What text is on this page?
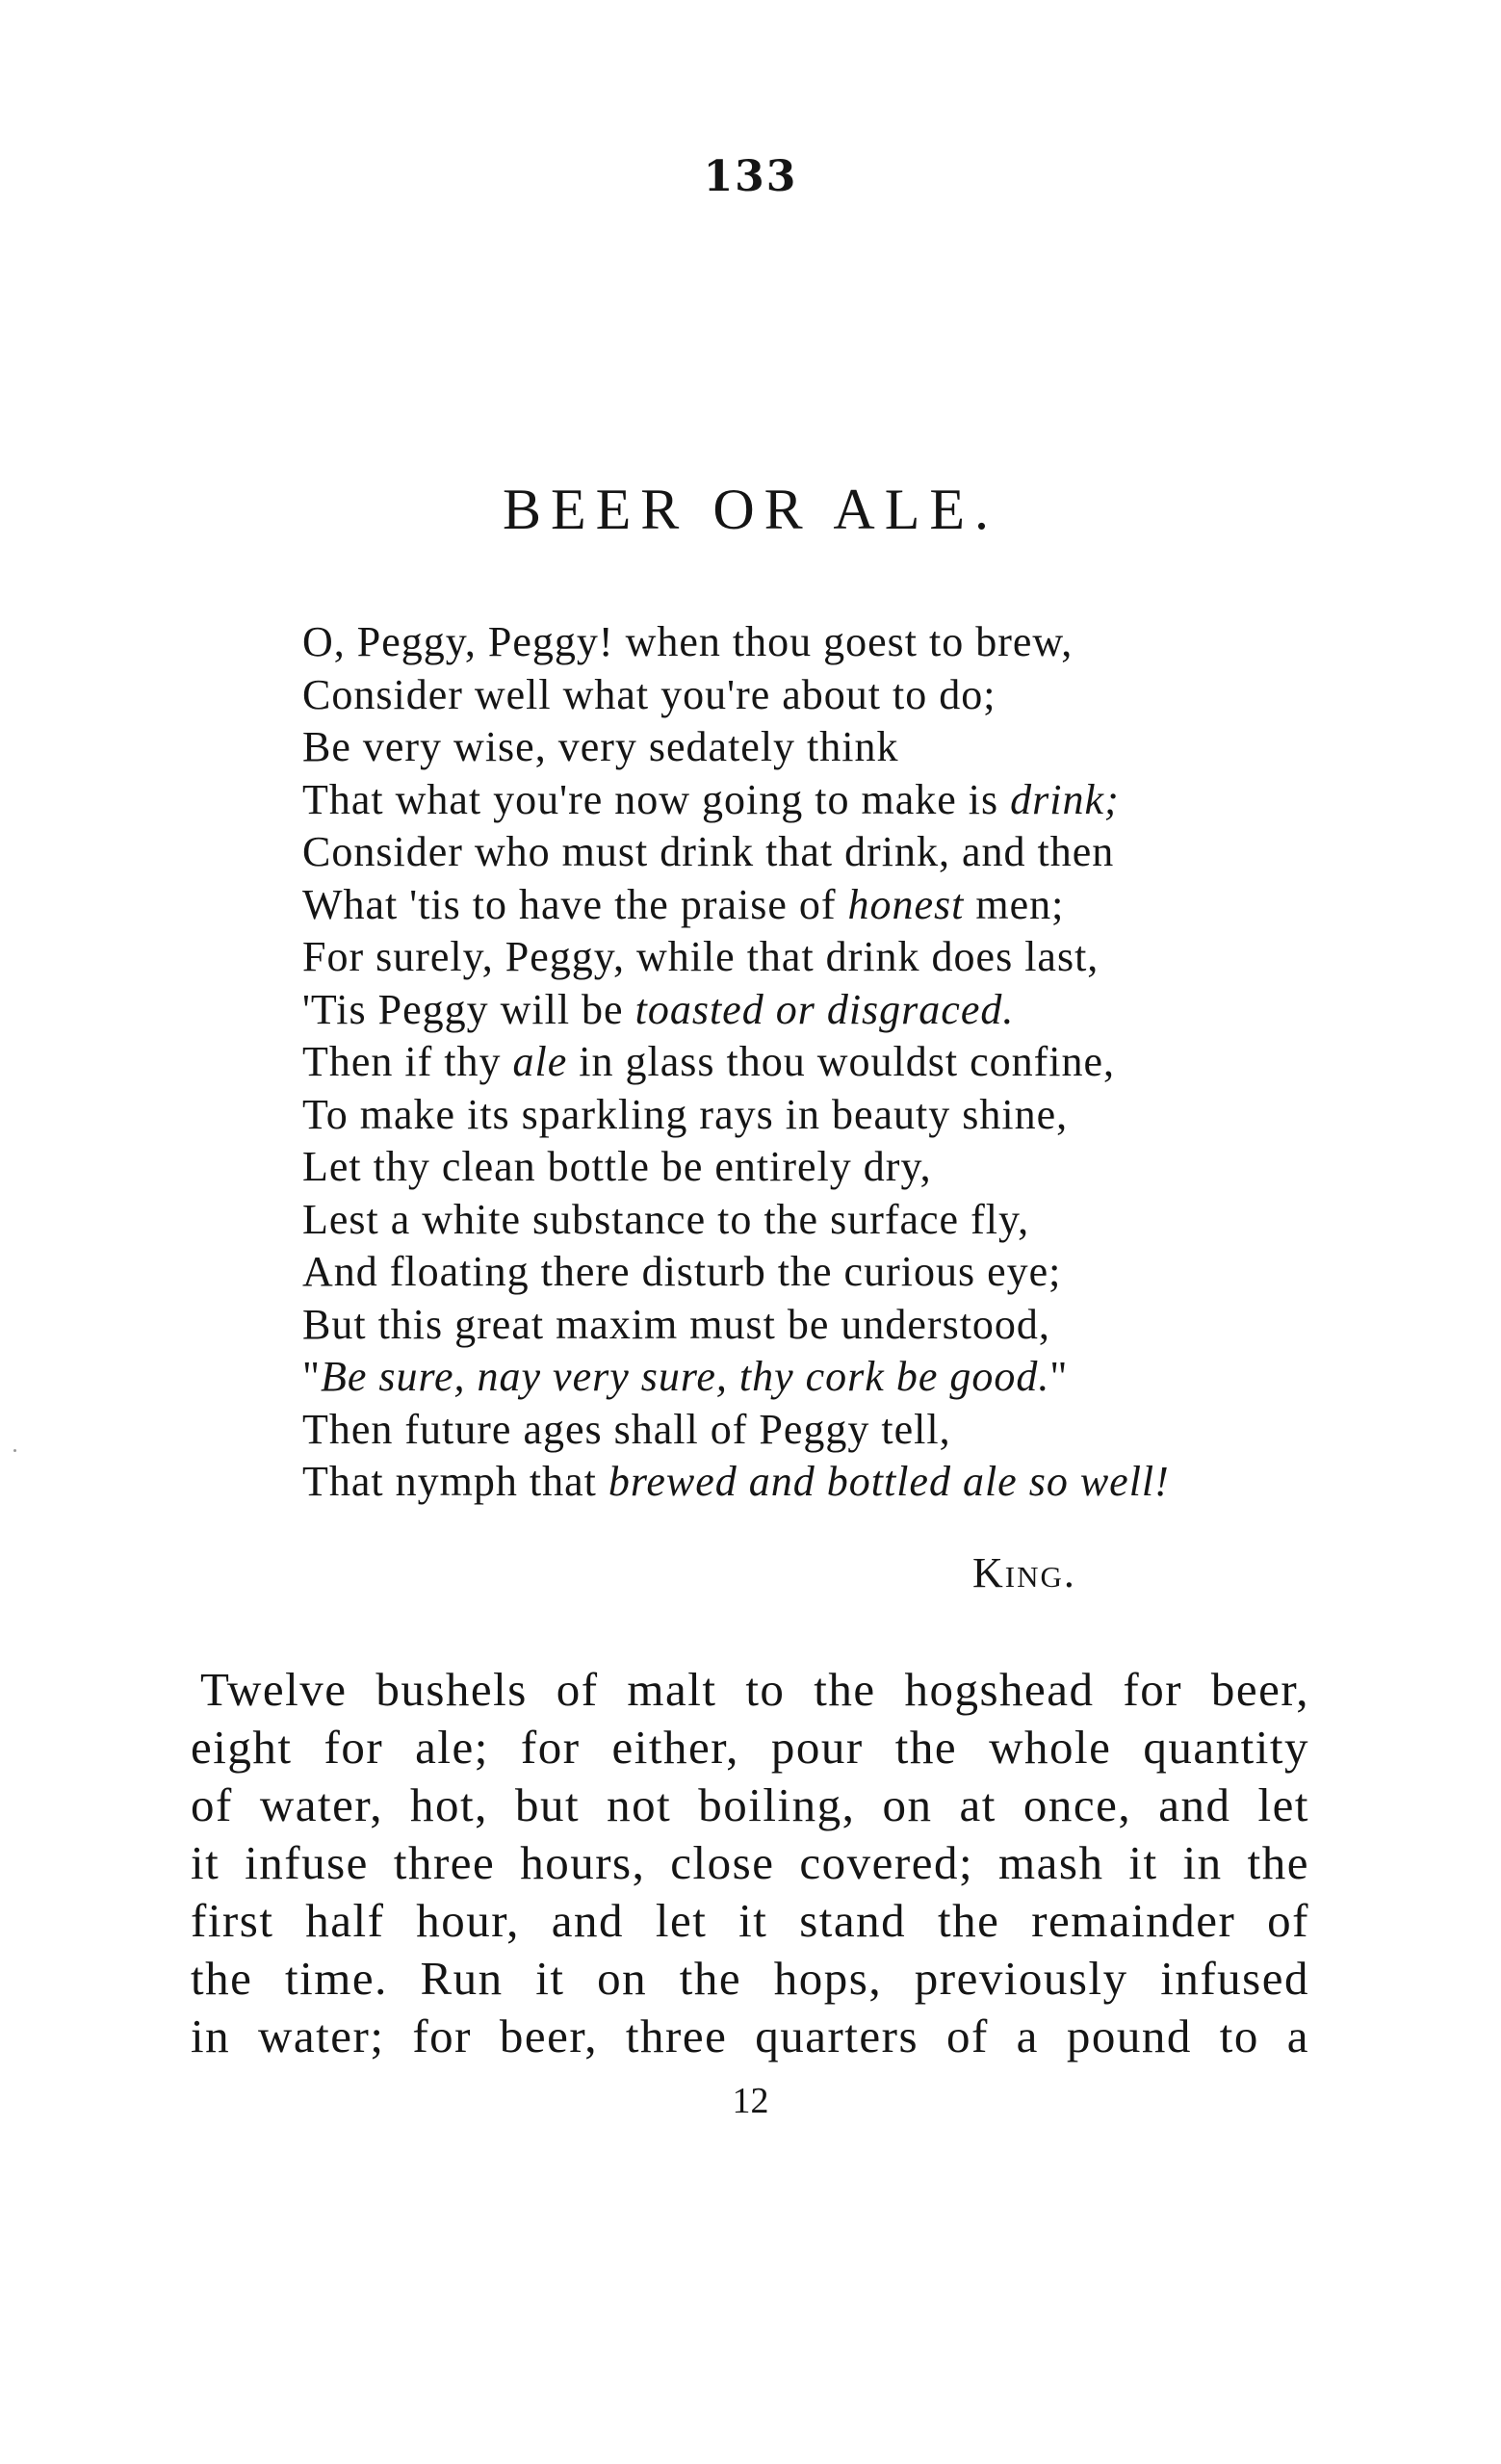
133
BEER OR ALE.
O, Peggy, Peggy! when thou goest to brew,
Consider well what you're about to do;
Be very wise, very sedately think
That what you're now going to make is drink;
Consider who must drink that drink, and then
What 'tis to have the praise of honest men;
For surely, Peggy, while that drink does last,
'Tis Peggy will be toasted or disgraced.
Then if thy ale in glass thou wouldst confine,
To make its sparkling rays in beauty shine,
Let thy clean bottle be entirely dry,
Lest a white substance to the surface fly,
And floating there disturb the curious eye;
But this great maxim must be understood,
"Be sure, nay very sure, thy cork be good."
Then future ages shall of Peggy tell,
That nymph that brewed and bottled ale so well!
King.
Twelve bushels of malt to the hogshead for beer,
eight for ale; for either, pour the whole quantity
of water, hot, but not boiling, on at once, and let
it infuse three hours, close covered; mash it in the
first half hour, and let it stand the remainder of
the time. Run it on the hops, previously infused
in water; for beer, three quarters of a pound to a
12
